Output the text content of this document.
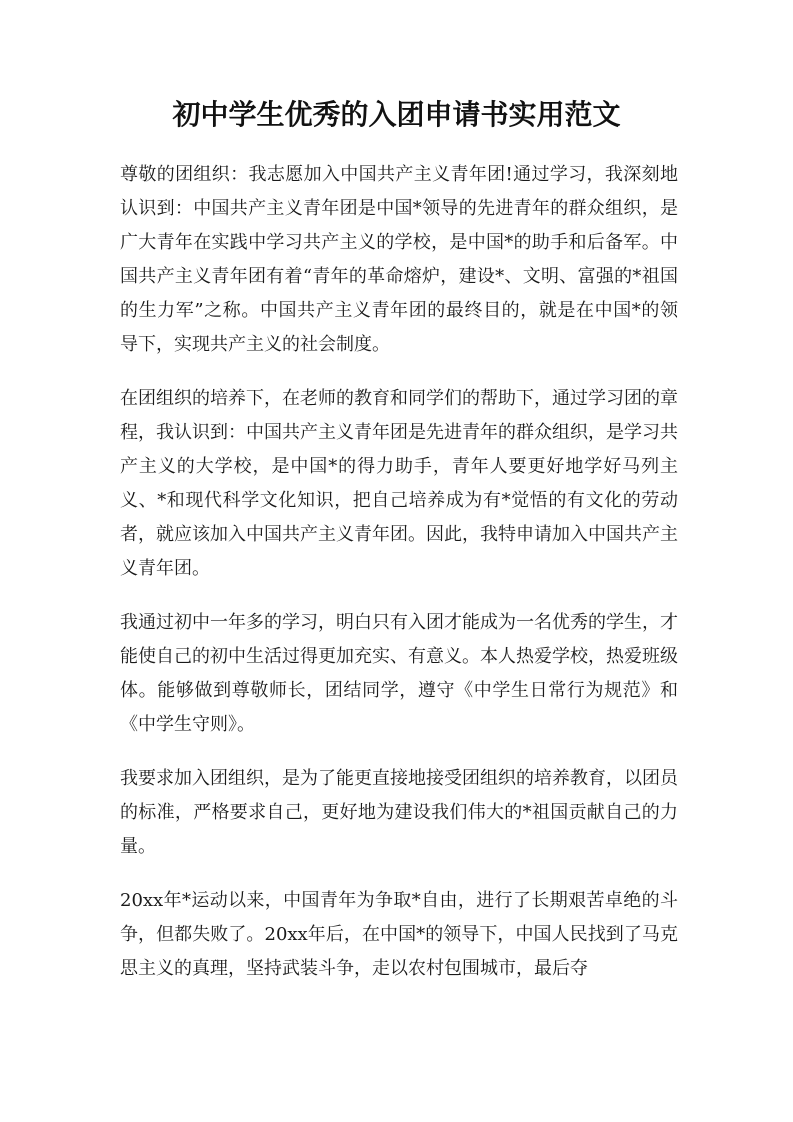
初中学生优秀的入团申请书实用范文

尊敬的团组织：我志愿加入中国共产主义青年团!通过学习，我深刻地认识到：中国共产主义青年团是中国*领导的先进青年的群众组织，是广大青年在实践中学习共产主义的学校，是中国*的助手和后备军。中国共产主义青年团有着“青年的革命熔炉，建设*、文明、富强的*祖国的生力军”之称。中国共产主义青年团的最终目的，就是在中国*的领导下，实现共产主义的社会制度。

在团组织的培养下，在老师的教育和同学们的帮助下，通过学习团的章程，我认识到：中国共产主义青年团是先进青年的群众组织，是学习共产主义的大学校，是中国*的得力助手，青年人要更好地学好马列主义、*和现代科学文化知识，把自己培养成为有*觉悟的有文化的劳动者，就应该加入中国共产主义青年团。因此，我特申请加入中国共产主义青年团。

我通过初中一年多的学习，明白只有入团才能成为一名优秀的学生，才能使自己的初中生活过得更加充实、有意义。本人热爱学校，热爱班级体。能够做到尊敬师长，团结同学，遵守《中学生日常行为规范》和《中学生守则》。

我要求加入团组织，是为了能更直接地接受团组织的培养教育，以团员的标准，严格要求自己，更好地为建设我们伟大的*祖国贡献自己的力量。

20xx年*运动以来，中国青年为争取*自由，进行了长期艰苦卓绝的斗争，但都失败了。20xx年后，在中国*的领导下，中国人民找到了马克思主义的真理，坚持武装斗争，走以农村包围城市，最后夺
